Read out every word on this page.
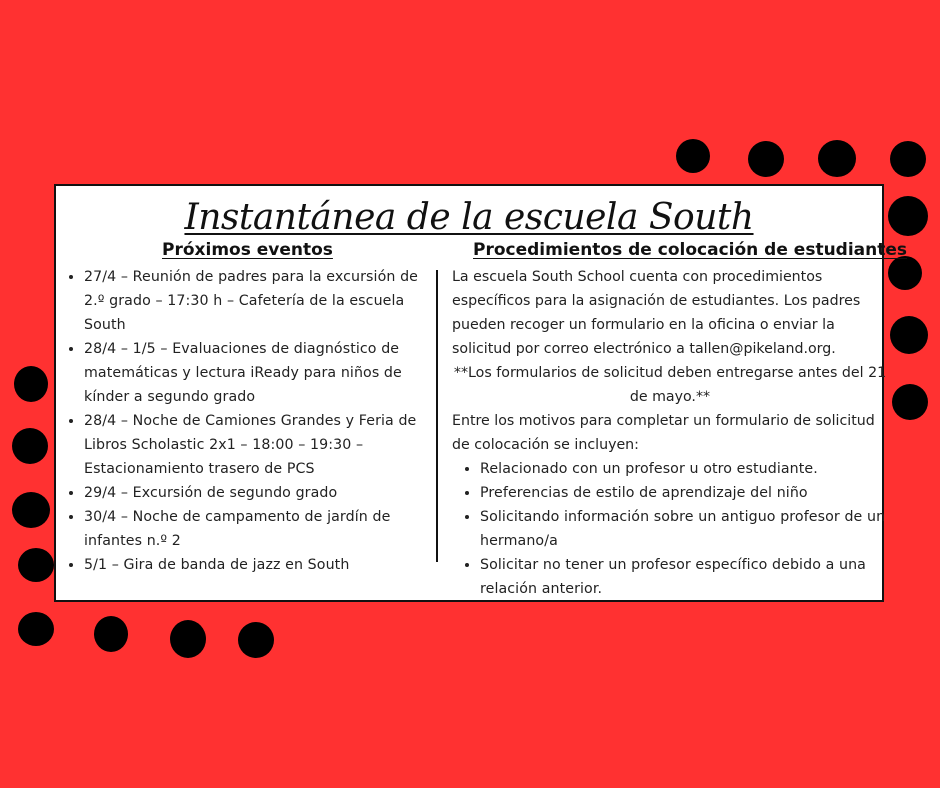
Instantánea de la escuela South
Próximos eventos
• 27/4 – Reunión de padres para la excursión de 2.º grado – 17:30 h – Cafetería de la escuela South
• 28/4 – 1/5 – Evaluaciones de diagnóstico de matemáticas y lectura iReady para niños de kínder a segundo grado
• 28/4 – Noche de Camiones Grandes y Feria de Libros Scholastic 2x1 – 18:00 – 19:30 – Estacionamiento trasero de PCS
• 29/4 – Excursión de segundo grado
• 30/4 – Noche de campamento de jardín de infantes n.º 2
• 5/1 – Gira de banda de jazz en South
Procedimientos de colocación de estudiantes

La escuela South School cuenta con procedimientos específicos para la asignación de estudiantes. Los padres pueden recoger un formulario en la oficina o enviar la solicitud por correo electrónico a tallen@pikeland.org.

**Los formularios de solicitud deben entregarse antes del 21 de mayo.**

Entre los motivos para completar un formulario de solicitud de colocación se incluyen:

• Relacionado con un profesor u otro estudiante.
• Preferencias de estilo de aprendizaje del niño
• Solicitando información sobre un antiguo profesor de un hermano/a
• Solicitar no tener un profesor específico debido a una relación anterior.
